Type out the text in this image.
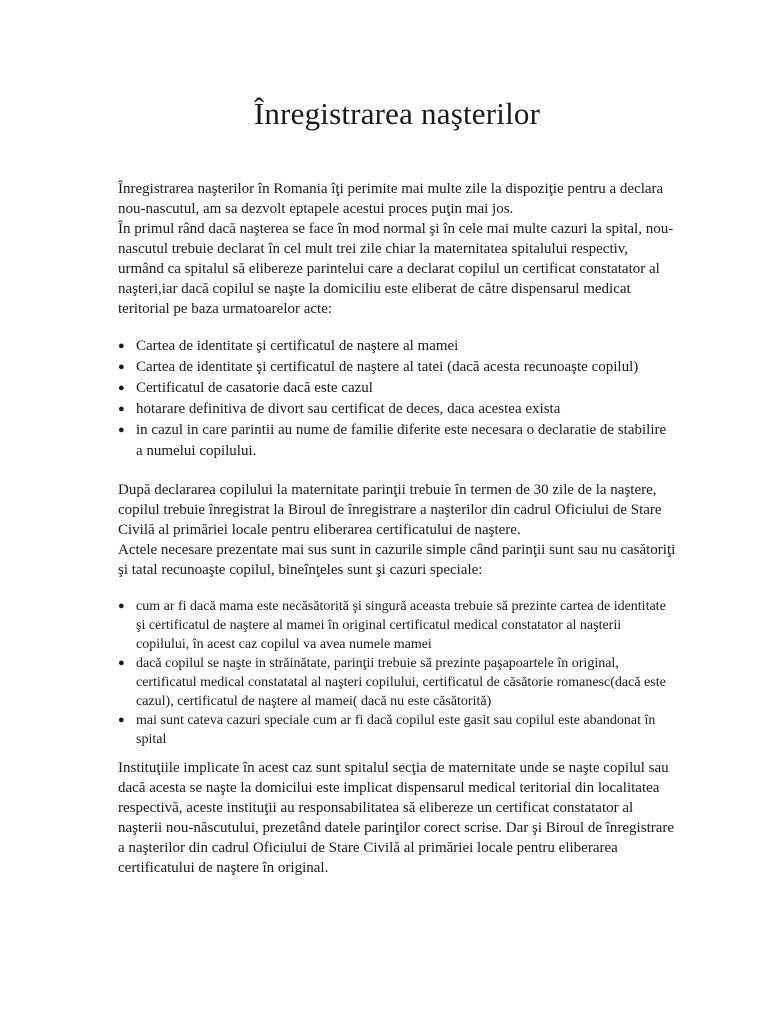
Înregistrarea naşterilor

Înregistrarea naşterilor în Romania îţi perimite mai multe zile la dispoziţie pentru a declara nou-nascutul, am sa dezvolt eptapele acestui proces puţin mai jos.

În primul rând dacă naşterea se face în mod normal şi în cele mai multe cazuri la spital, nou-nascutul trebuie declarat în cel mult trei zile chiar la maternitatea spitalului respectiv, urmând ca spitalul să elibereze parintelui care a declarat copilul un certificat constatator al naşteri,iar dacă copilul se naşte la domiciliu este eliberat de către dispensarul medicat teritorial pe baza urmatoarelor acte:

● Cartea de identitate şi certificatul de naştere al mamei
● Cartea de identitate şi certificatul de naştere al tatei (dacă acesta recunoaşte copilul)
● Certificatul de casatorie dacă este cazul
● hotarare definitiva de divort sau certificat de deces, daca acestea exista
● in cazul in care parintii au nume de familie diferite este necesara o declaratie de stabilire a numelui copilului.

După declararea copilului la maternitate parinţii trebuie în termen de 30 zile de la naştere, copilul trebuie înregistrat la Biroul de înregistrare a naşterilor din cadrul Oficiului de Stare Civilă al primăriei locale pentru eliberarea certificatului de naştere.

Actele necesare prezentate mai sus sunt in cazurile simple când parinţii sunt sau nu casătoriţi şi tatal recunoaşte copilul, bineînţeles sunt şi cazuri speciale:

● cum ar fi dacă mama este necăsătorită şi singură aceasta trebuie să prezinte cartea de identitate şi certificatul de naştere al mamei în original certificatul medical constatator al naşterii copilului, în acest caz copilul va avea numele mamei
● dacă copilul se naşte in străinătate, parinţii trebuie să prezinte paşapoartele în original, certificatul medical constatatal al naşteri copilului, certificatul de căsătorie romanesc(dacă este cazul), certificatul de naştere al mamei( dacă nu este căsătorită)
● mai sunt cateva cazuri speciale cum ar fi dacă copilul este gasit sau copilul este abandonat în spital

Instituţiile implicate în acest caz sunt spitalul secţia de maternitate unde se naşte copilul sau dacă acesta se naşte la domicilui este implicat dispensarul medical teritorial din localitatea respectivă, aceste instituţii au responsabilitatea să elibereze un certificat constatator al naşterii nou-născutului, prezetând datele parinţilor corect scrise. Dar şi Biroul de înregistrare a naşterilor din cadrul Oficiului de Stare Civilă al primăriei locale pentru eliberarea certificatului de naştere în original.
